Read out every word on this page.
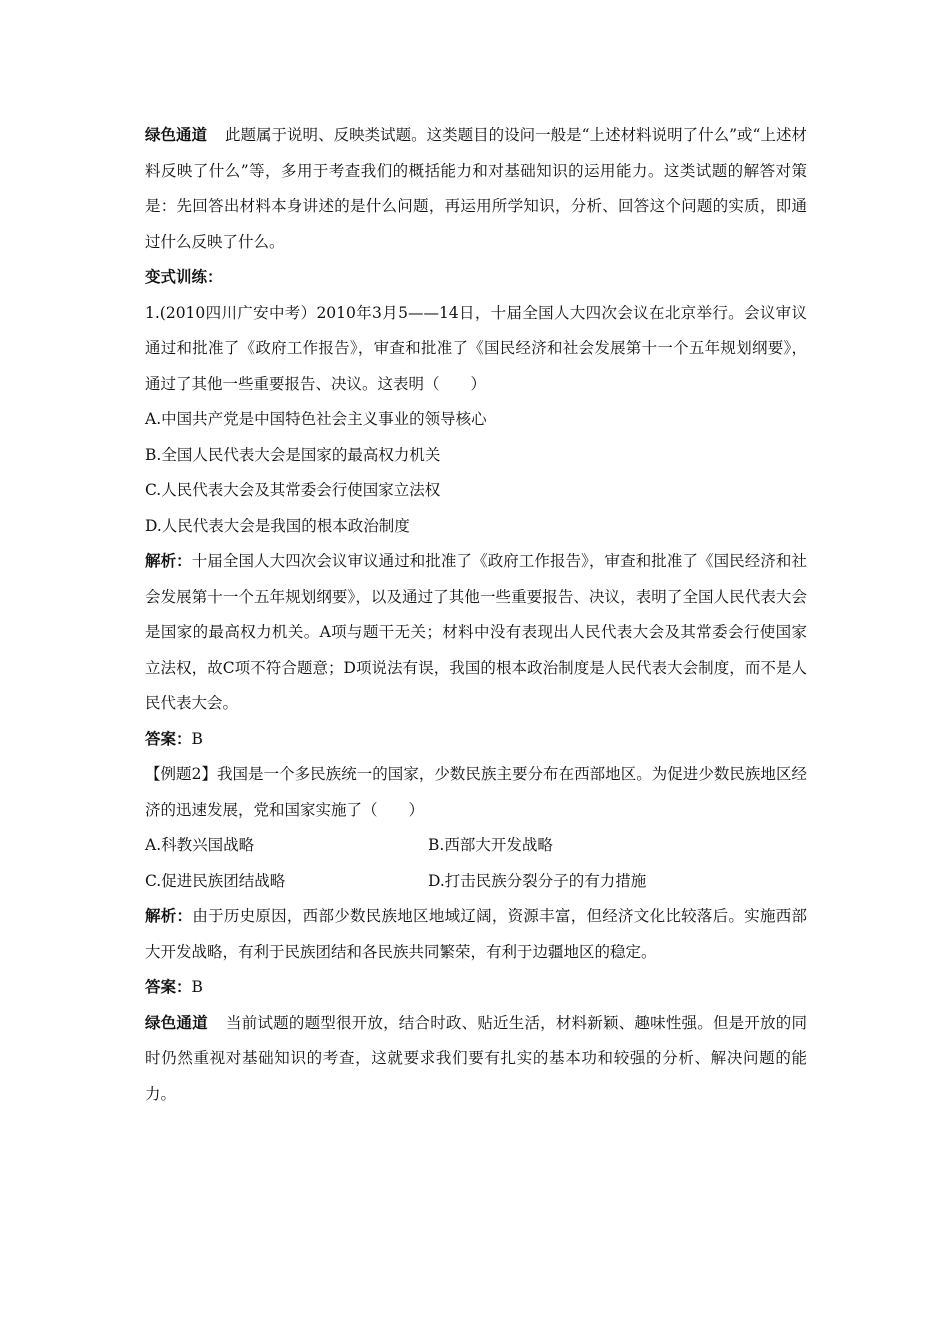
绿色通道 此题属于说明、反映类试题。这类题目的设问一般是“上述材料说明了什么”或“上述材料反映了什么”等，多用于考查我们的概括能力和对基础知识的运用能力。这类试题的解答对策是：先回答出材料本身讲述的是什么问题，再运用所学知识，分析、回答这个问题的实质，即通过什么反映了什么。

变式训练：

1.(2010四川广安中考）2010年3月5——14日，十届全国人大四次会议在北京举行。会议审议通过和批准了《政府工作报告》，审查和批准了《国民经济和社会发展第十一个五年规划纲要》，通过了其他一些重要报告、决议。这表明（　　）

A.中国共产党是中国特色社会主义事业的领导核心

B.全国人民代表大会是国家的最高权力机关

C.人民代表大会及其常委会行使国家立法权

D.人民代表大会是我国的根本政治制度

解析：十届全国人大四次会议审议通过和批准了《政府工作报告》，审查和批准了《国民经济和社会发展第十一个五年规划纲要》，以及通过了其他一些重要报告、决议，表明了全国人民代表大会是国家的最高权力机关。A项与题干无关；材料中没有表现出人民代表大会及其常委会行使国家立法权，故C项不符合题意；D项说法有误，我国的根本政治制度是人民代表大会制度，而不是人民代表大会。

答案：B

【例题2】我国是一个多民族统一的国家，少数民族主要分布在西部地区。为促进少数民族地区经济的迅速发展，党和国家实施了（　　）

A.科教兴国战略	B.西部大开发战略
C.促进民族团结战略	D.打击民族分裂分子的有力措施

解析：由于历史原因，西部少数民族地区地域辽阔，资源丰富，但经济文化比较落后。实施西部大开发战略，有利于民族团结和各民族共同繁荣，有利于边疆地区的稳定。

答案：B

绿色通道 当前试题的题型很开放，结合时政、贴近生活，材料新颖、趣味性强。但是开放的同时仍然重视对基础知识的考查，这就要求我们要有扎实的基本功和较强的分析、解决问题的能力。
